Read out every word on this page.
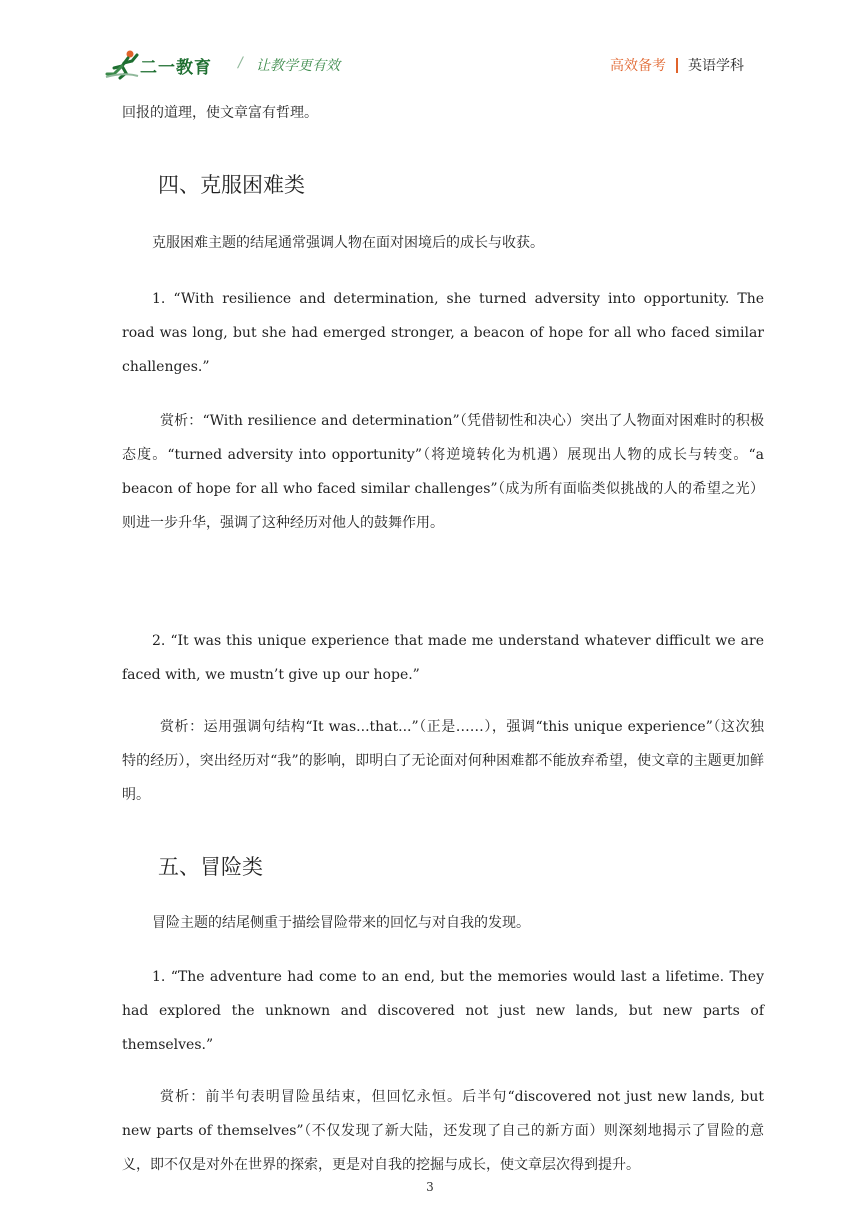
二一教育 / 让教学更有效	高效备考 英语学科

回报的道理，使文章富有哲理。

四、克服困难类

克服困难主题的结尾通常强调人物在面对困境后的成长与收获。

1. “With resilience and determination, she turned adversity into opportunity. The road was long, but she had emerged stronger, a beacon of hope for all who faced similar challenges.”

赏析：“With resilience and determination”（凭借韧性和决心）突出了人物面对困难时的积极态度。“turned adversity into opportunity”（将逆境转化为机遇）展现出人物的成长与转变。“a beacon of hope for all who faced similar challenges”（成为所有面临类似挑战的人的希望之光）则进一步升华，强调了这种经历对他人的鼓舞作用。

2. “It was this unique experience that made me understand whatever difficult we are faced with, we mustn’t give up our hope.”

赏析：运用强调句结构“It was...that...”（正是……），强调“this unique experience”（这次独特的经历），突出经历对“我”的影响，即明白了无论面对何种困难都不能放弃希望，使文章的主题更加鲜明。

五、冒险类

冒险主题的结尾侧重于描绘冒险带来的回忆与对自我的发现。

1. “The adventure had come to an end, but the memories would last a lifetime. They had explored the unknown and discovered not just new lands, but new parts of themselves.”

赏析：前半句表明冒险虽结束，但回忆永恒。后半句“discovered not just new lands, but new parts of themselves”（不仅发现了新大陆，还发现了自己的新方面）则深刻地揭示了冒险的意义，即不仅是对外在世界的探索，更是对自我的挖掘与成长，使文章层次得到提升。

3
